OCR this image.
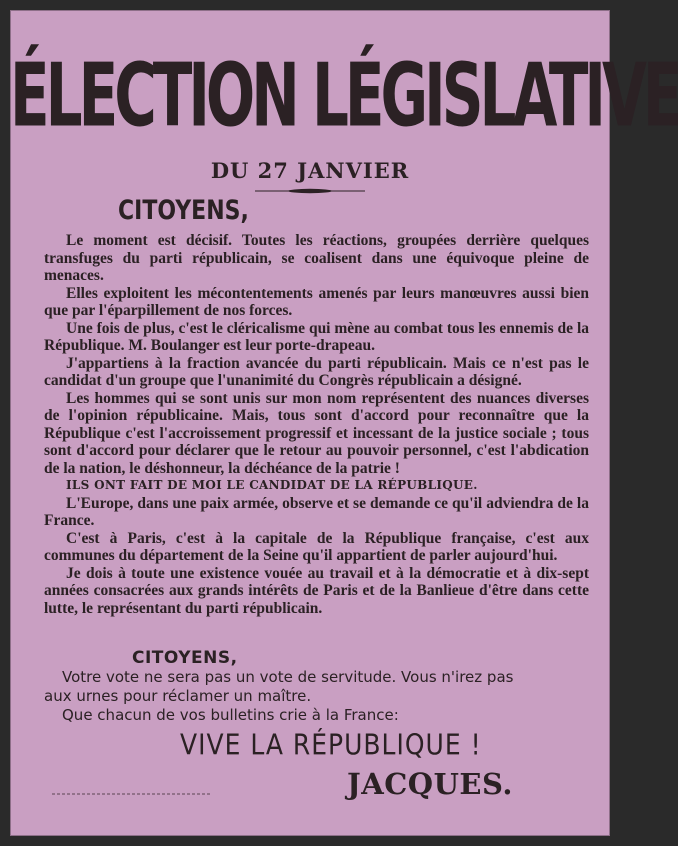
ÉLECTION LÉGISLATIVE
DU 27 JANVIER
CITOYENS,

Le moment est décisif. Toutes les réactions, groupées derrière quelques transfuges du parti républicain, se coalisent dans une équivoque pleine de menaces.

Elles exploitent les mécontentements amenés par leurs manœuvres aussi bien que par l'éparpillement de nos forces.

Une fois de plus, c'est le cléricalisme qui mène au combat tous les ennemis de la République. M. Boulanger est leur porte-drapeau.

J'appartiens à la fraction avancée du parti républicain. Mais ce n'est pas le candidat d'un groupe que l'unanimité du Congrès républicain a désigné.

Les hommes qui se sont unis sur mon nom représentent des nuances diverses de l'opinion républicaine. Mais, tous sont d'accord pour reconnaître que la République c'est l'accroissement progressif et incessant de la justice sociale ; tous sont d'accord pour déclarer que le retour au pouvoir personnel, c'est l'abdication de la nation, le déshonneur, la déchéance de la patrie !

ILS ONT FAIT DE MOI LE CANDIDAT DE LA RÉPUBLIQUE.

L'Europe, dans une paix armée, observe et se demande ce qu'il adviendra de la France.

C'est à Paris, c'est à la capitale de la République française, c'est aux communes du département de la Seine qu'il appartient de parler aujourd'hui.

Je dois à toute une existence vouée au travail et à la démocratie et à dix-sept années consacrées aux grands intérêts de Paris et de la Banlieue d'être dans cette lutte, le représentant du parti républicain.

CITOYENS,

Votre vote ne sera pas un vote de servitude. Vous n'irez pas

aux urnes pour réclamer un maître.

Que chacun de vos bulletins crie à la France:

VIVE LA RÉPUBLIQUE !
JACQUES.
